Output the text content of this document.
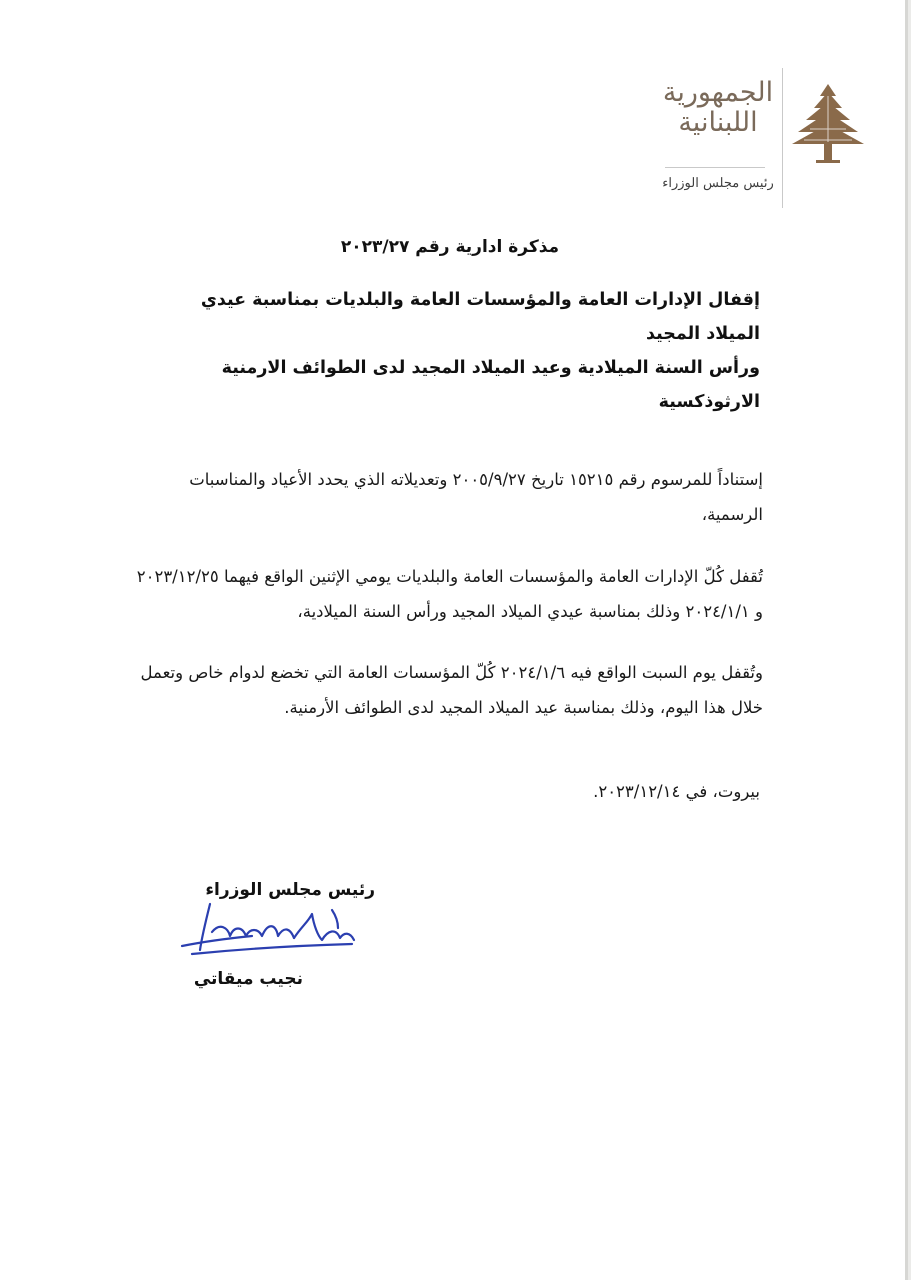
الجمهورية
اللبنانية
رئيس مجلس الوزراء
مذكرة ادارية رقم ٢٠٢٣/٢٧
إقفال الإدارات العامة والمؤسسات العامة والبلديات بمناسبة عيدي الميلاد المجيد
ورأس السنة الميلادية وعيد الميلاد المجيد لدى الطوائف الارمنية الارثوذكسية
إستناداً للمرسوم رقم ١٥٢١٥ تاريخ ٢٠٠٥/٩/٢٧ وتعديلاته الذي يحدد الأعياد والمناسبات الرسمية،
تُقفل كُلّ الإدارات العامة والمؤسسات العامة والبلديات يومي الإثنين الواقع فيهما ٢٠٢٣/١٢/٢٥ و ٢٠٢٤/١/١ وذلك بمناسبة عيدي الميلاد المجيد ورأس السنة الميلادية،
وتُقفل يوم السبت الواقع فيه ٢٠٢٤/١/٦ كُلّ المؤسسات العامة التي تخضع لدوام خاص وتعمل خلال هذا اليوم، وذلك بمناسبة عيد الميلاد المجيد لدى الطوائف الأرمنية.
بيروت، في ٢٠٢٣/١٢/١٤.
رئيس مجلس الوزراء
نجيب ميقاتي
